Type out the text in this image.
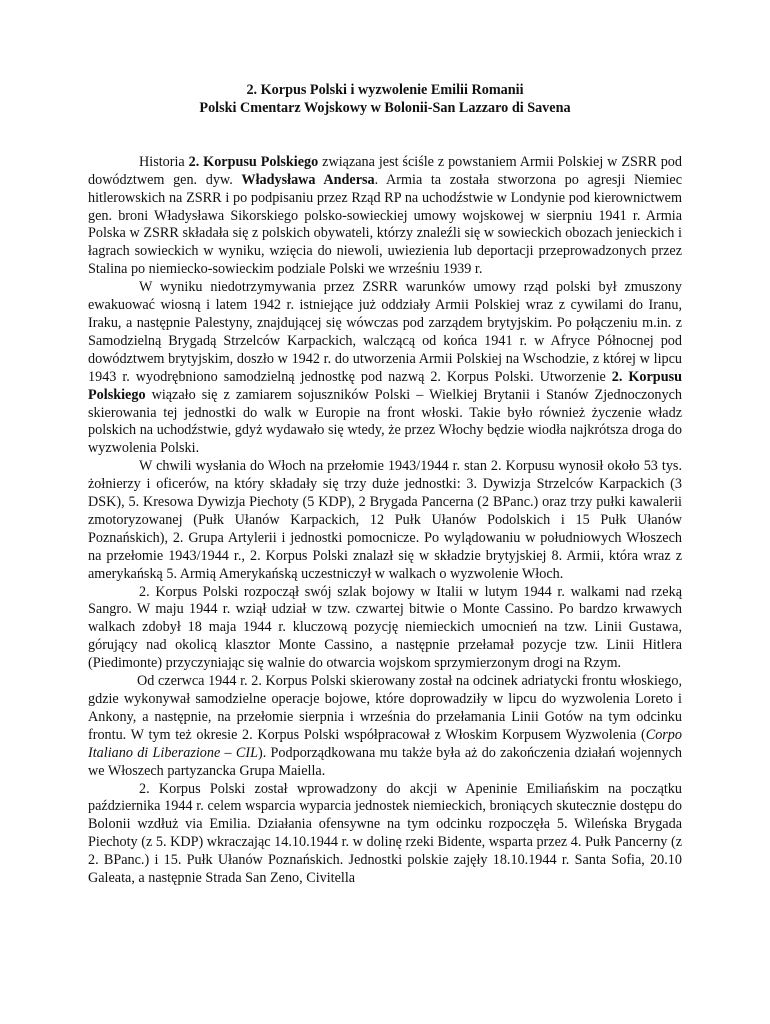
2. Korpus Polski i wyzwolenie Emilii Romanii
Polski Cmentarz Wojskowy w Bolonii-San Lazzaro di Savena

Historia 2. Korpusu Polskiego związana jest ściśle z powstaniem Armii Polskiej w ZSRR pod dowództwem gen. dyw. Władysława Andersa. Armia ta została stworzona po agresji Niemiec hitlerowskich na ZSRR i po podpisaniu przez Rząd RP na uchodźstwie w Londynie pod kierownictwem gen. broni Władysława Sikorskiego polsko-sowieckiej umowy wojskowej w sierpniu 1941 r. Armia Polska w ZSRR składała się z polskich obywateli, którzy znaleźli się w sowieckich obozach jenieckich i łagrach sowieckich w wyniku, wzięcia do niewoli, uwiezienia lub deportacji przeprowadzonych przez Stalina po niemiecko-sowieckim podziale Polski we wrześniu 1939 r.

W wyniku niedotrzymywania przez ZSRR warunków umowy rząd polski był zmuszony ewakuować wiosną i latem 1942 r. istniejące już oddziały Armii Polskiej wraz z cywilami do Iranu, Iraku, a następnie Palestyny, znajdującej się wówczas pod zarządem brytyjskim. Po połączeniu m.in. z Samodzielną Brygadą Strzelców Karpackich, walczącą od końca 1941 r. w Afryce Północnej pod dowództwem brytyjskim, doszło w 1942 r. do utworzenia Armii Polskiej na Wschodzie, z której w lipcu 1943 r. wyodrębniono samodzielną jednostkę pod nazwą 2. Korpus Polski. Utworzenie 2. Korpusu Polskiego wiązało się z zamiarem sojuszników Polski – Wielkiej Brytanii i Stanów Zjednoczonych skierowania tej jednostki do walk w Europie na front włoski. Takie było również życzenie władz polskich na uchodźstwie, gdyż wydawało się wtedy, że przez Włochy będzie wiodła najkrótsza droga do wyzwolenia Polski.

W chwili wysłania do Włoch na przełomie 1943/1944 r. stan 2. Korpusu wynosił około 53 tys. żołnierzy i oficerów, na który składały się trzy duże jednostki: 3. Dywizja Strzelców Karpackich (3 DSK), 5. Kresowa Dywizja Piechoty (5 KDP), 2 Brygada Pancerna (2 BPanc.) oraz trzy pułki kawalerii zmotoryzowanej (Pułk Ułanów Karpackich, 12 Pułk Ułanów Podolskich i 15 Pułk Ułanów Poznańskich), 2. Grupa Artylerii i jednostki pomocnicze. Po wylądowaniu w południowych Włoszech na przełomie 1943/1944 r., 2. Korpus Polski znalazł się w składzie brytyjskiej 8. Armii, która wraz z amerykańską 5. Armią Amerykańską uczestniczył w walkach o wyzwolenie Włoch.

2. Korpus Polski rozpoczął swój szlak bojowy w Italii w lutym 1944 r. walkami nad rzeką Sangro. W maju 1944 r. wziął udział w tzw. czwartej bitwie o Monte Cassino. Po bardzo krwawych walkach zdobył 18 maja 1944 r. kluczową pozycję niemieckich umocnień na tzw. Linii Gustawa, górujący nad okolicą klasztor Monte Cassino, a następnie przełamał pozycje tzw. Linii Hitlera (Piedimonte) przyczyniając się walnie do otwarcia wojskom sprzymierzonym drogi na Rzym.

Od czerwca 1944 r. 2. Korpus Polski skierowany został na odcinek adriatycki frontu włoskiego, gdzie wykonywał samodzielne operacje bojowe, które doprowadziły w lipcu do wyzwolenia Loreto i Ankony, a następnie, na przełomie sierpnia i września do przełamania Linii Gotów na tym odcinku frontu. W tym też okresie 2. Korpus Polski współpracował z Włoskim Korpusem Wyzwolenia (Corpo Italiano di Liberazione – CIL). Podporządkowana mu także była aż do zakończenia działań wojennych we Włoszech partyzancka Grupa Maiella.

2. Korpus Polski został wprowadzony do akcji w Apeninie Emiliańskim na początku października 1944 r. celem wsparcia wyparcia jednostek niemieckich, broniących skutecznie dostępu do Bolonii wzdłuż via Emilia. Działania ofensywne na tym odcinku rozpoczęła 5. Wileńska Brygada Piechoty (z 5. KDP) wkraczając 14.10.1944 r. w dolinę rzeki Bidente, wsparta przez 4. Pułk Pancerny (z 2. BPanc.) i 15. Pułk Ułanów Poznańskich. Jednostki polskie zajęły 18.10.1944 r. Santa Sofia, 20.10 Galeata, a następnie Strada San Zeno, Civitella
